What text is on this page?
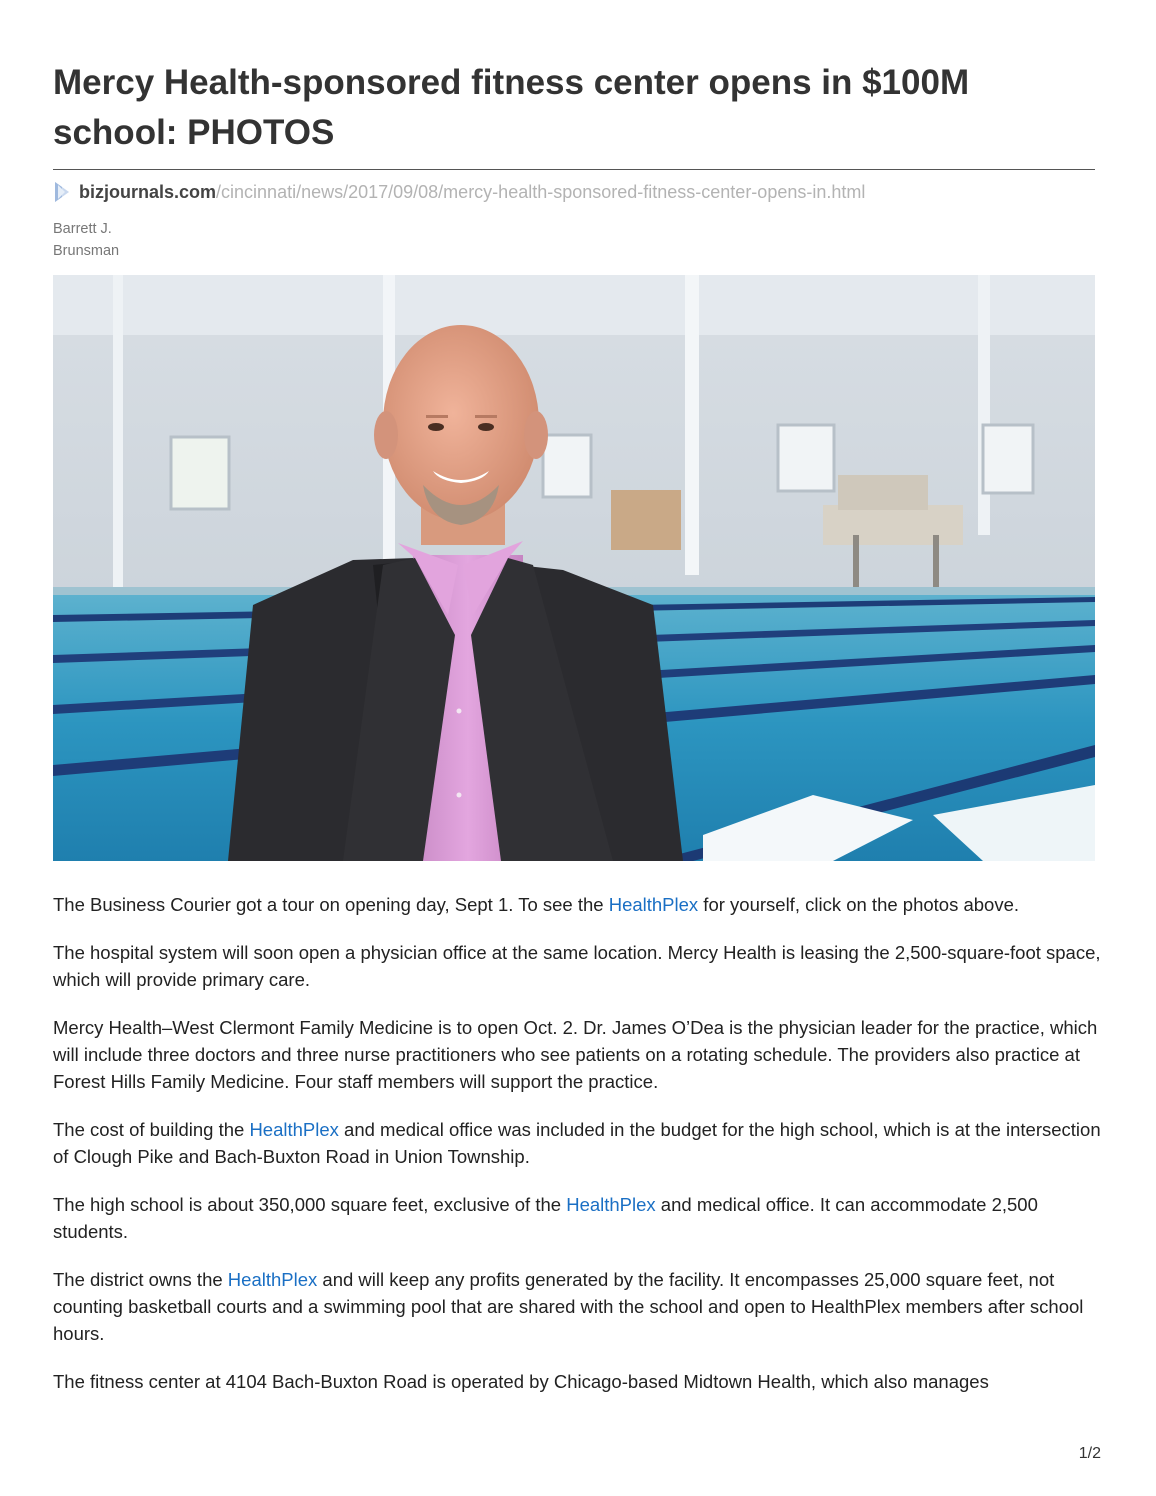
Mercy Health-sponsored fitness center opens in $100M school: PHOTOS
bizjournals.com /cincinnati/news/2017/09/08/mercy-health-sponsored-fitness-center-opens-in.html
Barrett J.
Brunsman

The Business Courier got a tour on opening day, Sept 1. To see the HealthPlex for yourself, click on the photos above.

The hospital system will soon open a physician office at the same location. Mercy Health is leasing the 2,500-square-foot space, which will provide primary care.

Mercy Health–West Clermont Family Medicine is to open Oct. 2. Dr. James O’Dea is the physician leader for the practice, which will include three doctors and three nurse practitioners who see patients on a rotating schedule. The providers also practice at Forest Hills Family Medicine. Four staff members will support the practice.

The cost of building the HealthPlex and medical office was included in the budget for the high school, which is at the intersection of Clough Pike and Bach-Buxton Road in Union Township.

The high school is about 350,000 square feet, exclusive of the HealthPlex and medical office. It can accommodate 2,500 students.

The district owns the HealthPlex and will keep any profits generated by the facility. It encompasses 25,000 square feet, not counting basketball courts and a swimming pool that are shared with the school and open to HealthPlex members after school hours.

The fitness center at 4104 Bach-Buxton Road is operated by Chicago-based Midtown Health, which also manages

1/2
